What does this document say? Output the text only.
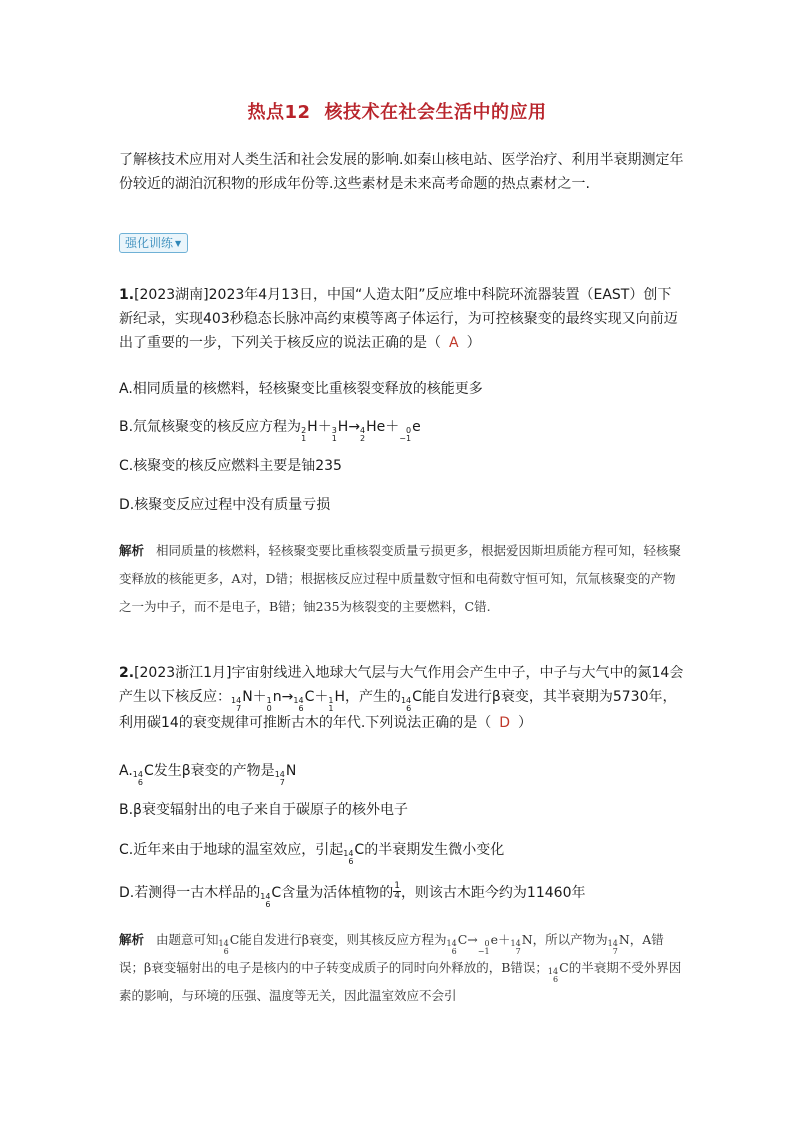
热点12 核技术在社会生活中的应用
了解核技术应用对人类生活和社会发展的影响.如秦山核电站、医学治疗、利用半衰期测定年份较近的湖泊沉积物的形成年份等.这些素材是未来高考命题的热点素材之一.
强化训练 ▼
1.[2023湖南]2023年4月13日，中国“人造太阳”反应堆中科院环流器装置（EAST）创下新纪录，实现403秒稳态长脉冲高约束模等离子体运行，为可控核聚变的最终实现又向前迈出了重要的一步，下列关于核反应的说法正确的是（ A ）
A.相同质量的核燃料，轻核聚变比重核裂变释放的核能更多
B.氘氚核聚变的核反应方程为 2
1
H ＋ 3
1
H → 4
2
He ＋ 0
−1
e
C.核聚变的核反应燃料主要是铀235
D.核聚变反应过程中没有质量亏损
解析 相同质量的核燃料，轻核聚变要比重核裂变质量亏损更多，根据爱因斯坦质能方程可知，轻核聚变释放的核能更多，A对，D错；根据核反应过程中质量数守恒和电荷数守恒可知，氘氚核聚变的产物之一为中子，而不是电子，B错；铀235为核裂变的主要燃料，C错.
2.[2023浙江1月]宇宙射线进入地球大气层与大气作用会产生中子，中子与大气中的氮14会产生以下核反应： 14
7
N ＋ 1
0
n → 14
6
C ＋ 1
1
H ，产生的 14
6
C 能自发进行β衰变，其半衰期为5730年，利用碳14的衰变规律可推断古木的年代.下列说法正确的是（ D ）
A. 14
6
C 发生β衰变的产物是 14
7
N
B.β衰变辐射出的电子来自于碳原子的核外电子
C.近年来由于地球的温室效应，引起 14
6
C 的半衰期发生微小变化
D.若测得一古木样品的 14
6
C 含量为活体植物的 $\frac{1}{4}$ ，则该古木距今约为11460年
解析 由题意可知 14
6
C 能自发进行β衰变，则其核反应方程为 14
6
C → 0
−1
e ＋ 14
7
N ，所以产物为 14
7
N ，A错误；β衰变辐射出的电子是核内的中子转变成质子的同时向外释放的，B错误； 14
6
C 的半衰期不受外界因素的影响，与环境的压强、温度等无关，因此温室效应不会引
